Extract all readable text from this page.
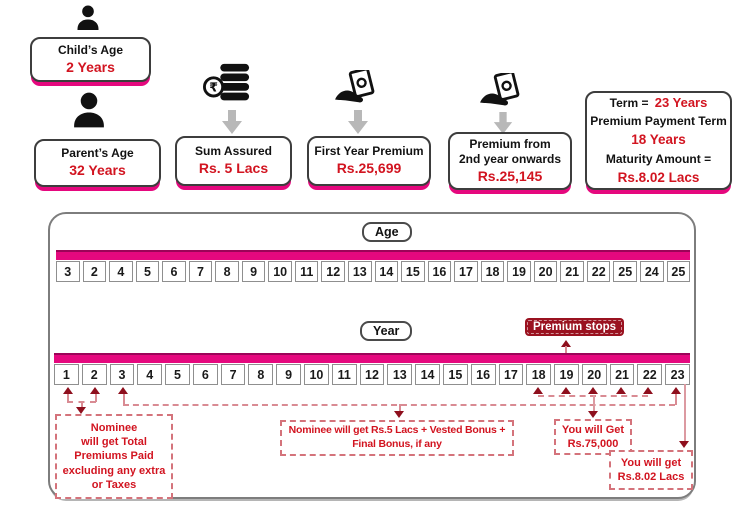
Child’s Age
2 Years
Parent’s Age
32 Years
₹
Sum Assured
Rs. 5 Lacs
First Year Premium
Rs.25,699
Premium from
2nd year onwards
Rs.25,145
Term = 23 Years
Premium Payment Term
18 Years
Maturity Amount =
Rs.8.02 Lacs
Age
3	2	4	5	6	7	8	9	10	11	12	13	14	15	16	17	18	19	20	21	22	25	24	25
Year	Premium stops
1	2	3	4	5	6	7	8	9	10	11	12	13	14	15	16	17	18	19	20	21	22	23
Nominee
will get Total
Premiums Paid
excluding any extra
or Taxes
Nominee will get Rs.5 Lacs + Vested Bonus +
Final Bonus, if any
You will Get
Rs.75,000
You will get
Rs.8.02 Lacs
